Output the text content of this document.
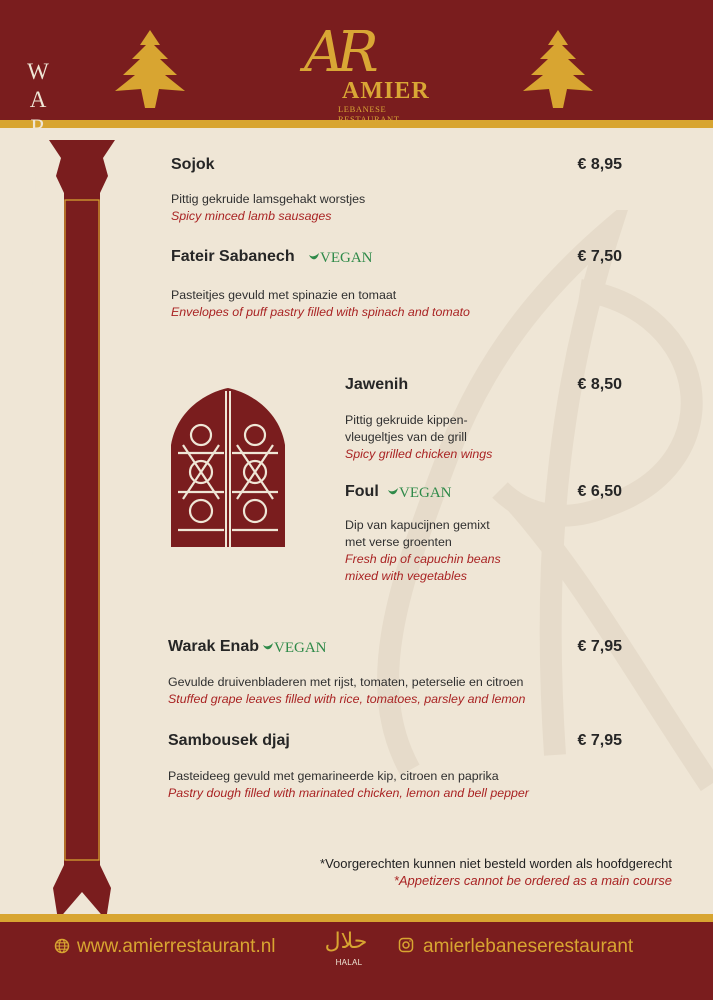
AR
AMIER
LEBANESE RESTAURANT
W
A
R
M
E
M
A
Z
A
•
W
A
R
M
M
A
Z
A
Sojok	€ 8,95
Pittig gekruide lamsgehakt worstjes
Spicy minced lamb sausages
Fateir Sabanech	VEGAN	€ 7,50
Pasteitjes gevuld met spinazie en tomaat
Envelopes of puff pastry filled with spinach and tomato
Jawenih	€ 8,50
Pittig gekruide kippen-
vleugeltjes van de grill
Spicy grilled chicken wings
Foul	VEGAN	€ 6,50
Dip van kapucijnen gemixt
met verse groenten
Fresh dip of capuchin beans
mixed with vegetables
Warak Enab	VEGAN	€ 7,95
Gevulde druivenbladeren met rijst, tomaten, peterselie en citroen
Stuffed grape leaves filled with rice, tomatoes, parsley and lemon
Sambousek djaj	€ 7,95
Pasteideeg gevuld met gemarineerde kip, citroen en paprika
Pastry dough filled with marinated chicken, lemon and bell pepper
*Voorgerechten kunnen niet besteld worden als hoofdgerecht
*Appetizers cannot be ordered as a main course
www.amierrestaurant.nl حلال
HALAL
amierlebaneserestaurant
